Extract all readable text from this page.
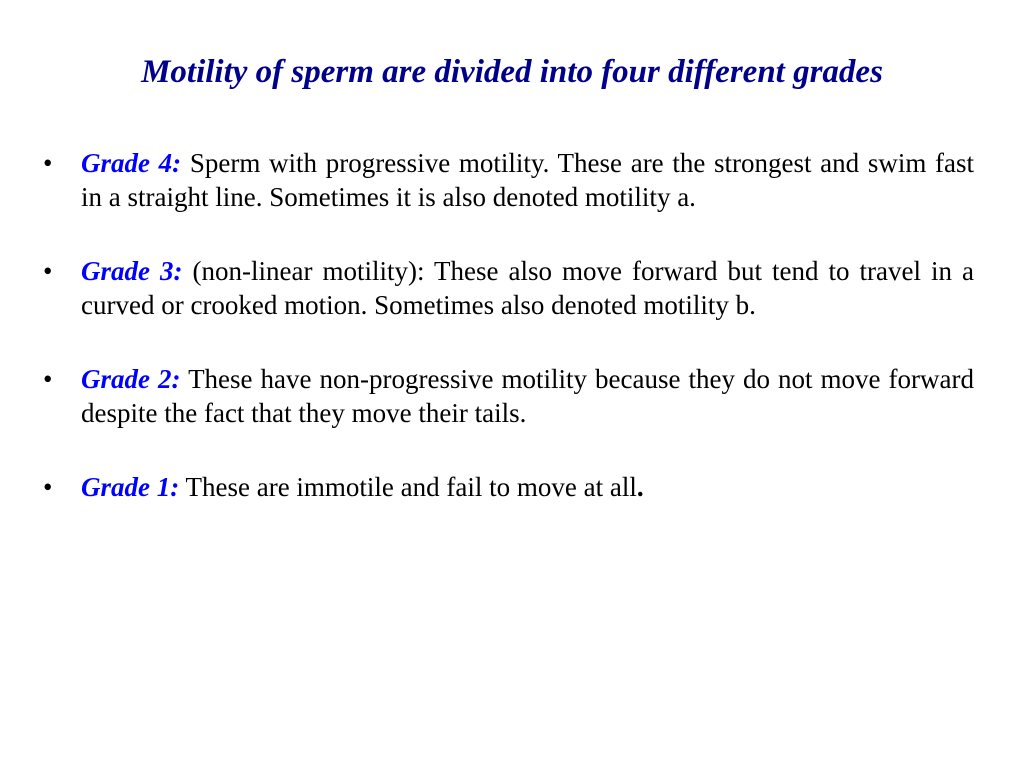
Motility of sperm are divided into four different grades
• Grade 4: Sperm with progressive motility. These are the strongest and swim fast in a straight line. Sometimes it is also denoted motility a.
• Grade 3: (non-linear motility): These also move forward but tend to travel in a curved or crooked motion. Sometimes also denoted motility b.
• Grade 2: These have non-progressive motility because they do not move forward despite the fact that they move their tails.
• Grade 1: These are immotile and fail to move at all.
